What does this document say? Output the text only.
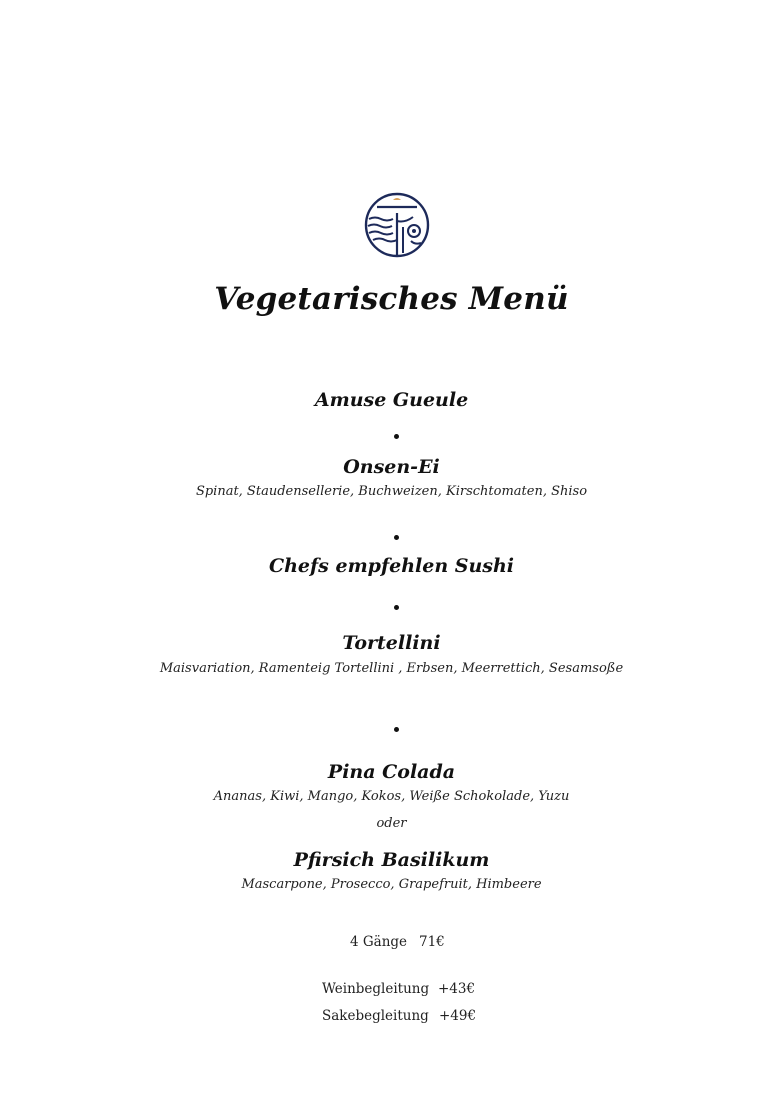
Vegetarisches Menü
Amuse Gueule
Onsen-Ei
Spinat, Staudensellerie, Buchweizen, Kirschtomaten, Shiso
Chefs empfehlen Sushi
Tortellini
Maisvariation, Ramenteig Tortellini , Erbsen, Meerrettich, Sesamsoße
Pina Colada
Ananas, Kiwi, Mango, Kokos, Weiße Schokolade, Yuzu
oder
Pfirsich Basilikum
Mascarpone, Prosecco, Grapefruit, Himbeere
4 Gänge 71€
Weinbegleitung +43€
Sakebegleitung +49€
